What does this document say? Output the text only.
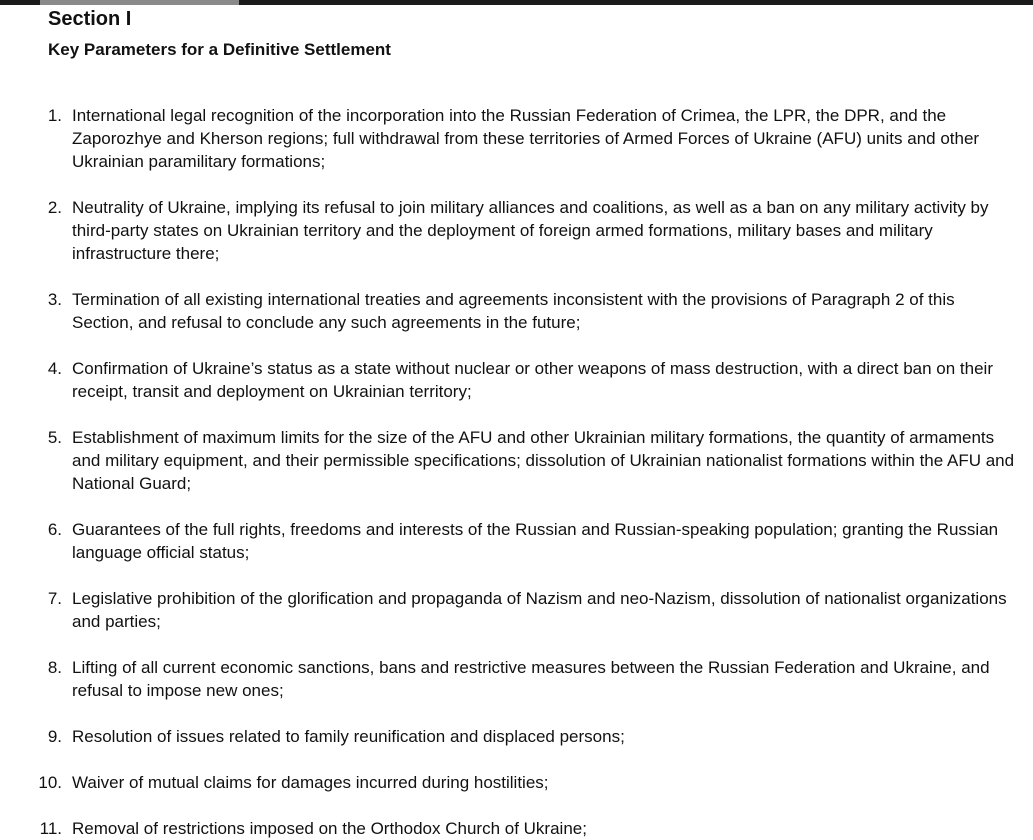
Section I
Key Parameters for a Definitive Settlement
1. International legal recognition of the incorporation into the Russian Federation of Crimea, the LPR, the DPR, and the Zaporozhye and Kherson regions; full withdrawal from these territories of Armed Forces of Ukraine (AFU) units and other Ukrainian paramilitary formations;
2. Neutrality of Ukraine, implying its refusal to join military alliances and coalitions, as well as a ban on any military activity by third-party states on Ukrainian territory and the deployment of foreign armed formations, military bases and military infrastructure there;
3. Termination of all existing international treaties and agreements inconsistent with the provisions of Paragraph 2 of this Section, and refusal to conclude any such agreements in the future;
4. Confirmation of Ukraine’s status as a state without nuclear or other weapons of mass destruction, with a direct ban on their receipt, transit and deployment on Ukrainian territory;
5. Establishment of maximum limits for the size of the AFU and other Ukrainian military formations, the quantity of armaments and military equipment, and their permissible specifications; dissolution of Ukrainian nationalist formations within the AFU and National Guard;
6. Guarantees of the full rights, freedoms and interests of the Russian and Russian-speaking population; granting the Russian language official status;
7. Legislative prohibition of the glorification and propaganda of Nazism and neo-Nazism, dissolution of nationalist organizations and parties;
8. Lifting of all current economic sanctions, bans and restrictive measures between the Russian Federation and Ukraine, and refusal to impose new ones;
9. Resolution of issues related to family reunification and displaced persons;
10. Waiver of mutual claims for damages incurred during hostilities;
11. Removal of restrictions imposed on the Orthodox Church of Ukraine;
